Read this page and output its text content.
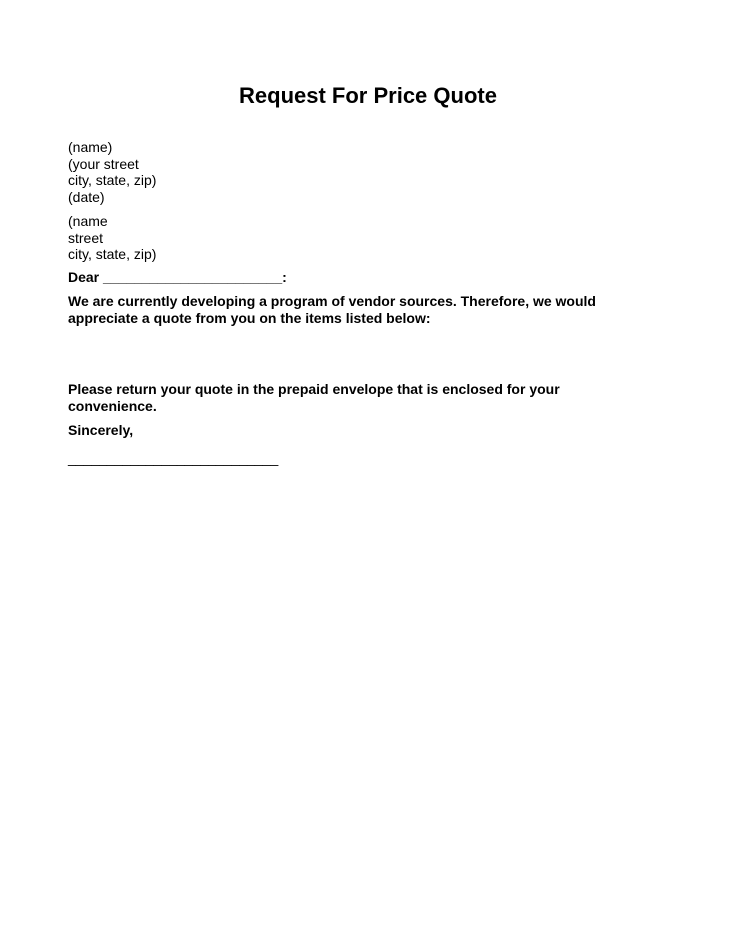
Request For Price Quote
(name)
(your street
city, state, zip)
(date)
(name
street
city, state, zip)
Dear _______________________:
We are currently developing a program of vendor sources. Therefore, we would
appreciate a quote from you on the items listed below:
Please return your quote in the prepaid envelope that is enclosed for your
convenience.
Sincerely,
___________________________
